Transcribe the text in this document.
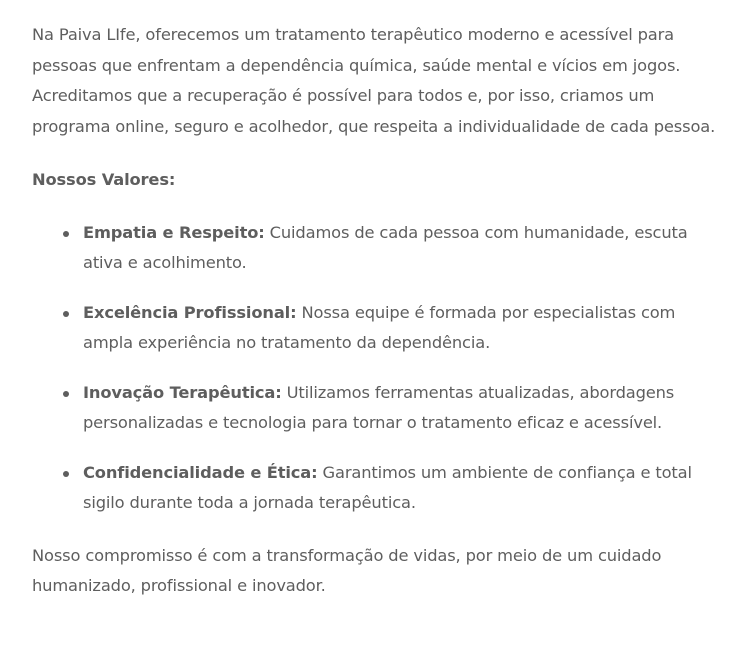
Na Paiva LIfe, oferecemos um tratamento terapêutico moderno e acessível para pessoas que enfrentam a dependência química, saúde mental e vícios em jogos. Acreditamos que a recuperação é possível para todos e, por isso, criamos um programa online, seguro e acolhedor, que respeita a individualidade de cada pessoa.

Nossos Valores:

Empatia e Respeito: Cuidamos de cada pessoa com humanidade, escuta ativa e acolhimento.
Excelência Profissional: Nossa equipe é formada por especialistas com ampla experiência no tratamento da dependência.
Inovação Terapêutica: Utilizamos ferramentas atualizadas, abordagens personalizadas e tecnologia para tornar o tratamento eficaz e acessível.
Confidencialidade e Ética: Garantimos um ambiente de confiança e total sigilo durante toda a jornada terapêutica.

Nosso compromisso é com a transformação de vidas, por meio de um cuidado humanizado, profissional e inovador.
